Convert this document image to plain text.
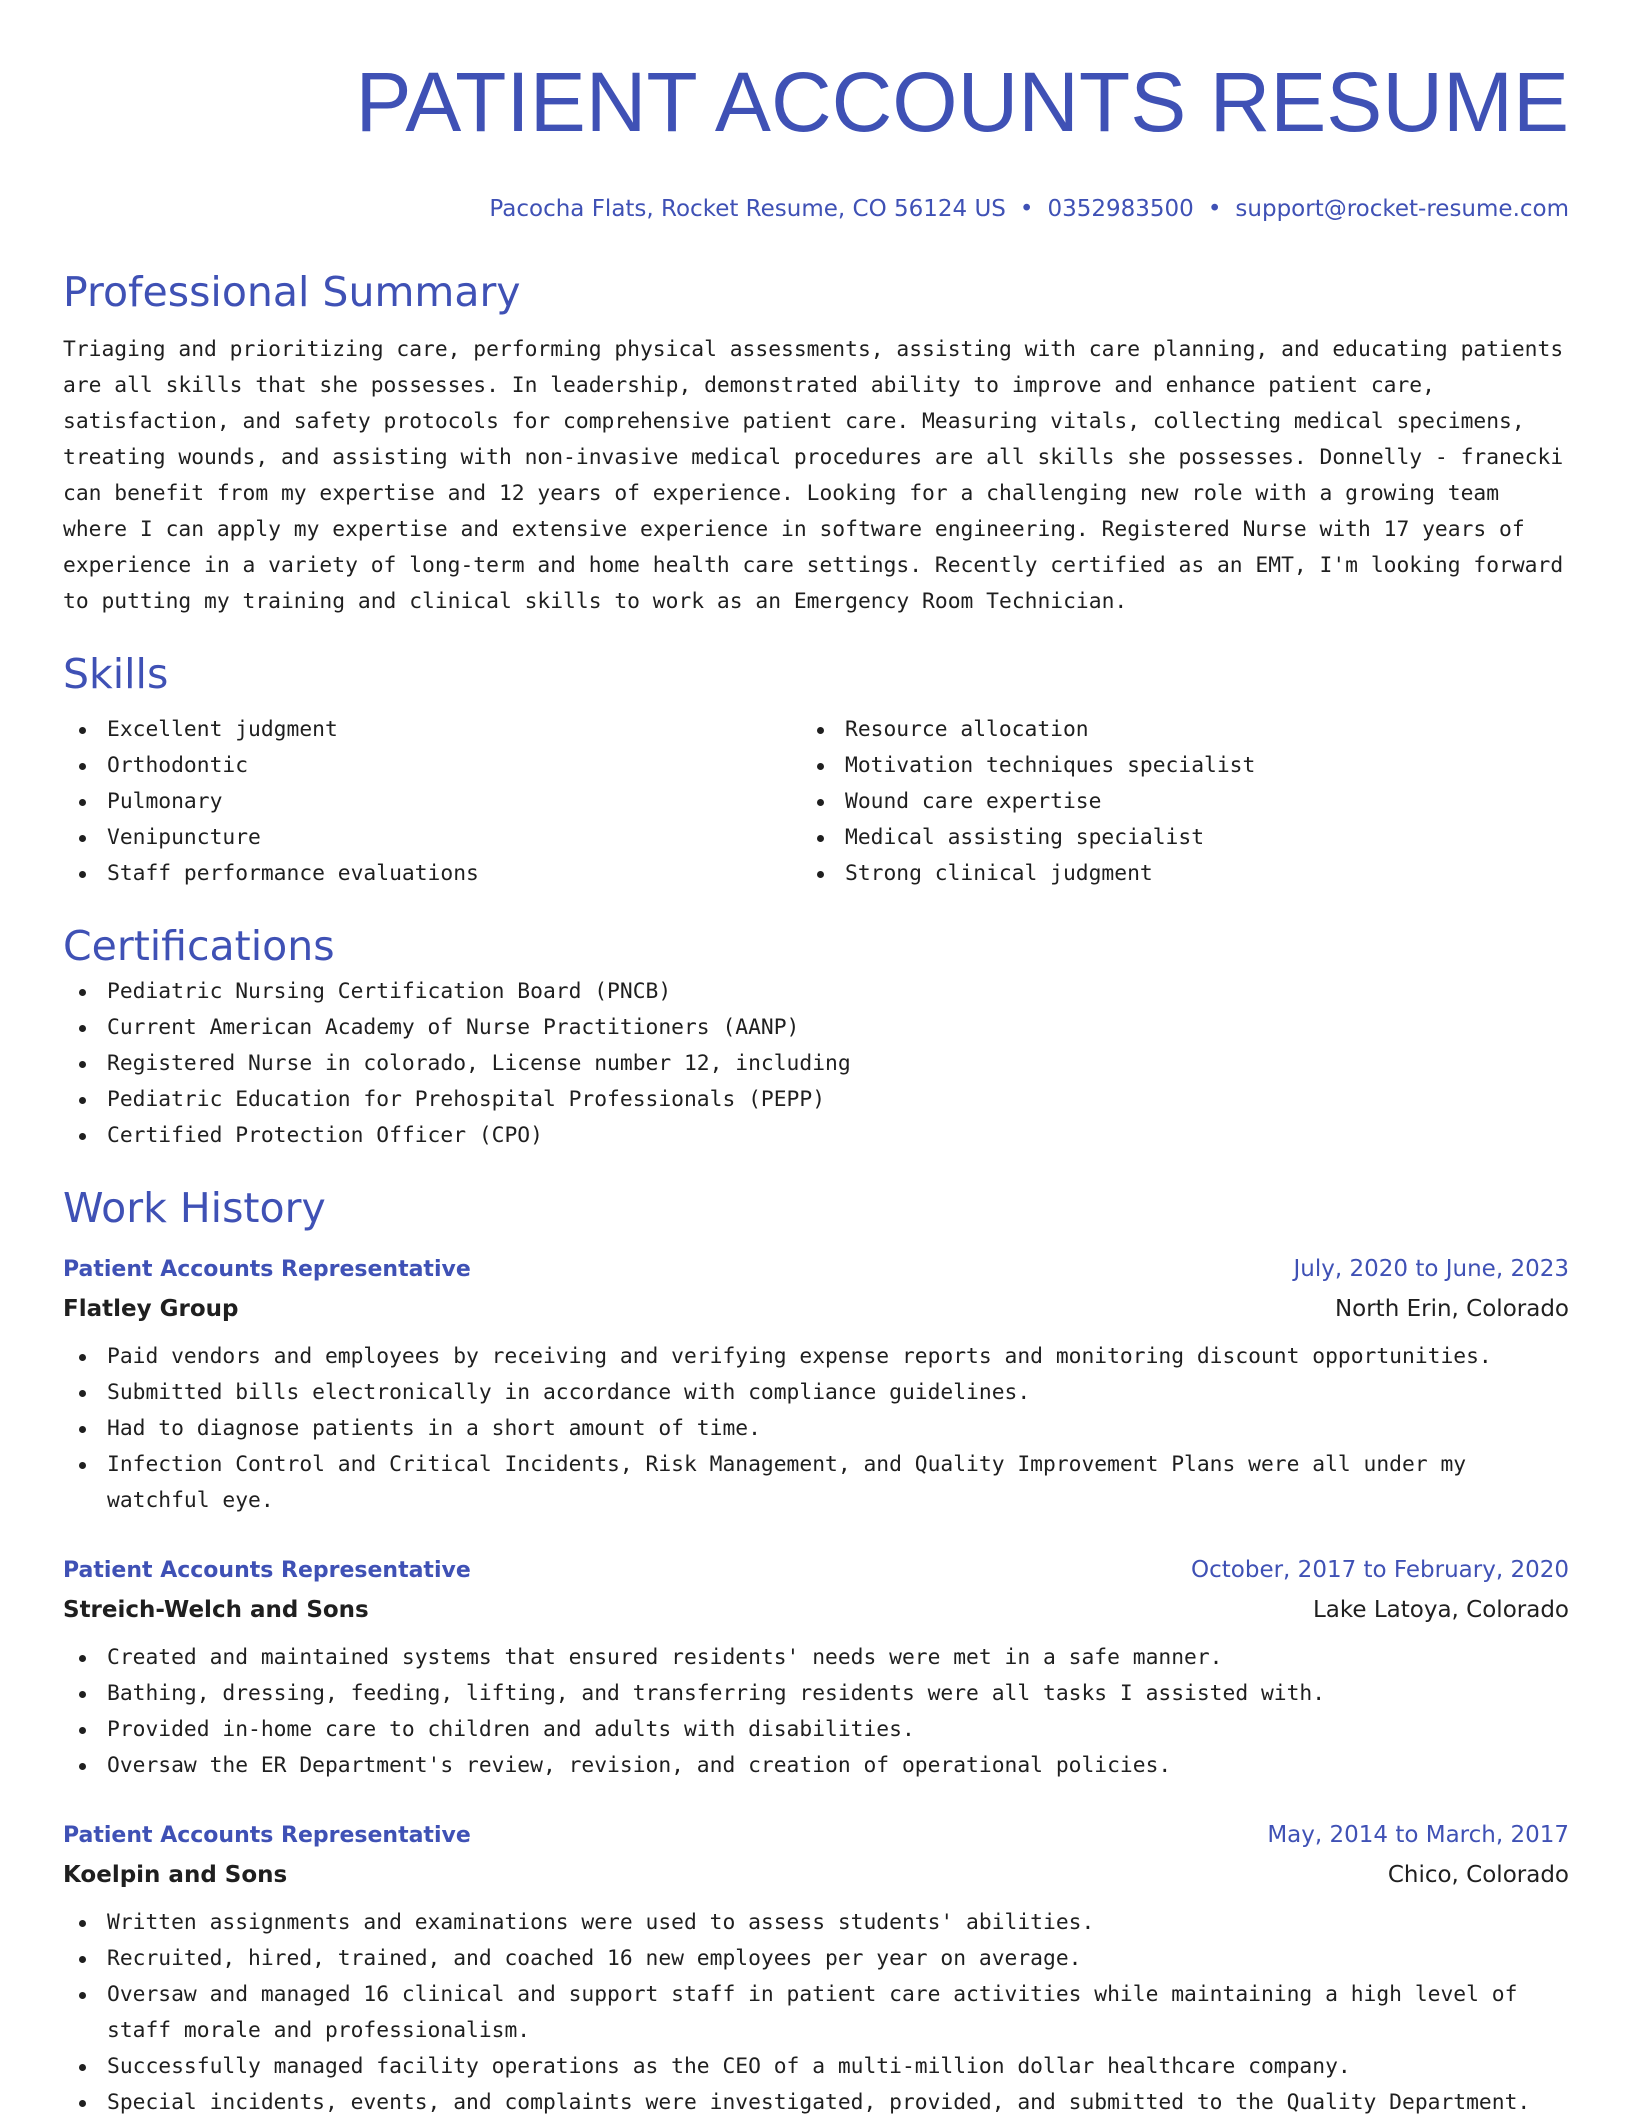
PATIENT ACCOUNTS RESUME
Pacocha Flats, Rocket Resume, CO 56124 US • 0352983500 • support@rocket-resume.com
Professional Summary
Triaging and prioritizing care, performing physical assessments, assisting with care planning, and educating patients are all skills that she possesses. In leadership, demonstrated ability to improve and enhance patient care, satisfaction, and safety protocols for comprehensive patient care. Measuring vitals, collecting medical specimens, treating wounds, and assisting with non-invasive medical procedures are all skills she possesses. Donnelly - franecki can benefit from my expertise and 12 years of experience. Looking for a challenging new role with a growing team where I can apply my expertise and extensive experience in software engineering. Registered Nurse with 17 years of experience in a variety of long-term and home health care settings. Recently certified as an EMT, I'm looking forward to putting my training and clinical skills to work as an Emergency Room Technician.
Skills
Excellent judgment
Orthodontic
Pulmonary
Venipuncture
Staff performance evaluations
Resource allocation
Motivation techniques specialist
Wound care expertise
Medical assisting specialist
Strong clinical judgment
Certifications
Pediatric Nursing Certification Board (PNCB)
Current American Academy of Nurse Practitioners (AANP)
Registered Nurse in colorado, License number 12, including
Pediatric Education for Prehospital Professionals (PEPP)
Certified Protection Officer (CPO)
Work History
Patient Accounts Representative	July, 2020 to June, 2023
Flatley Group	North Erin, Colorado
Paid vendors and employees by receiving and verifying expense reports and monitoring discount opportunities.
Submitted bills electronically in accordance with compliance guidelines.
Had to diagnose patients in a short amount of time.
Infection Control and Critical Incidents, Risk Management, and Quality Improvement Plans were all under my watchful eye.
Patient Accounts Representative	October, 2017 to February, 2020
Streich-Welch and Sons	Lake Latoya, Colorado
Created and maintained systems that ensured residents' needs were met in a safe manner.
Bathing, dressing, feeding, lifting, and transferring residents were all tasks I assisted with.
Provided in-home care to children and adults with disabilities.
Oversaw the ER Department's review, revision, and creation of operational policies.
Patient Accounts Representative	May, 2014 to March, 2017
Koelpin and Sons	Chico, Colorado
Written assignments and examinations were used to assess students' abilities.
Recruited, hired, trained, and coached 16 new employees per year on average.
Oversaw and managed 16 clinical and support staff in patient care activities while maintaining a high level of staff morale and professionalism.
Successfully managed facility operations as the CEO of a multi-million dollar healthcare company.
Special incidents, events, and complaints were investigated, provided, and submitted to the Quality Department.
